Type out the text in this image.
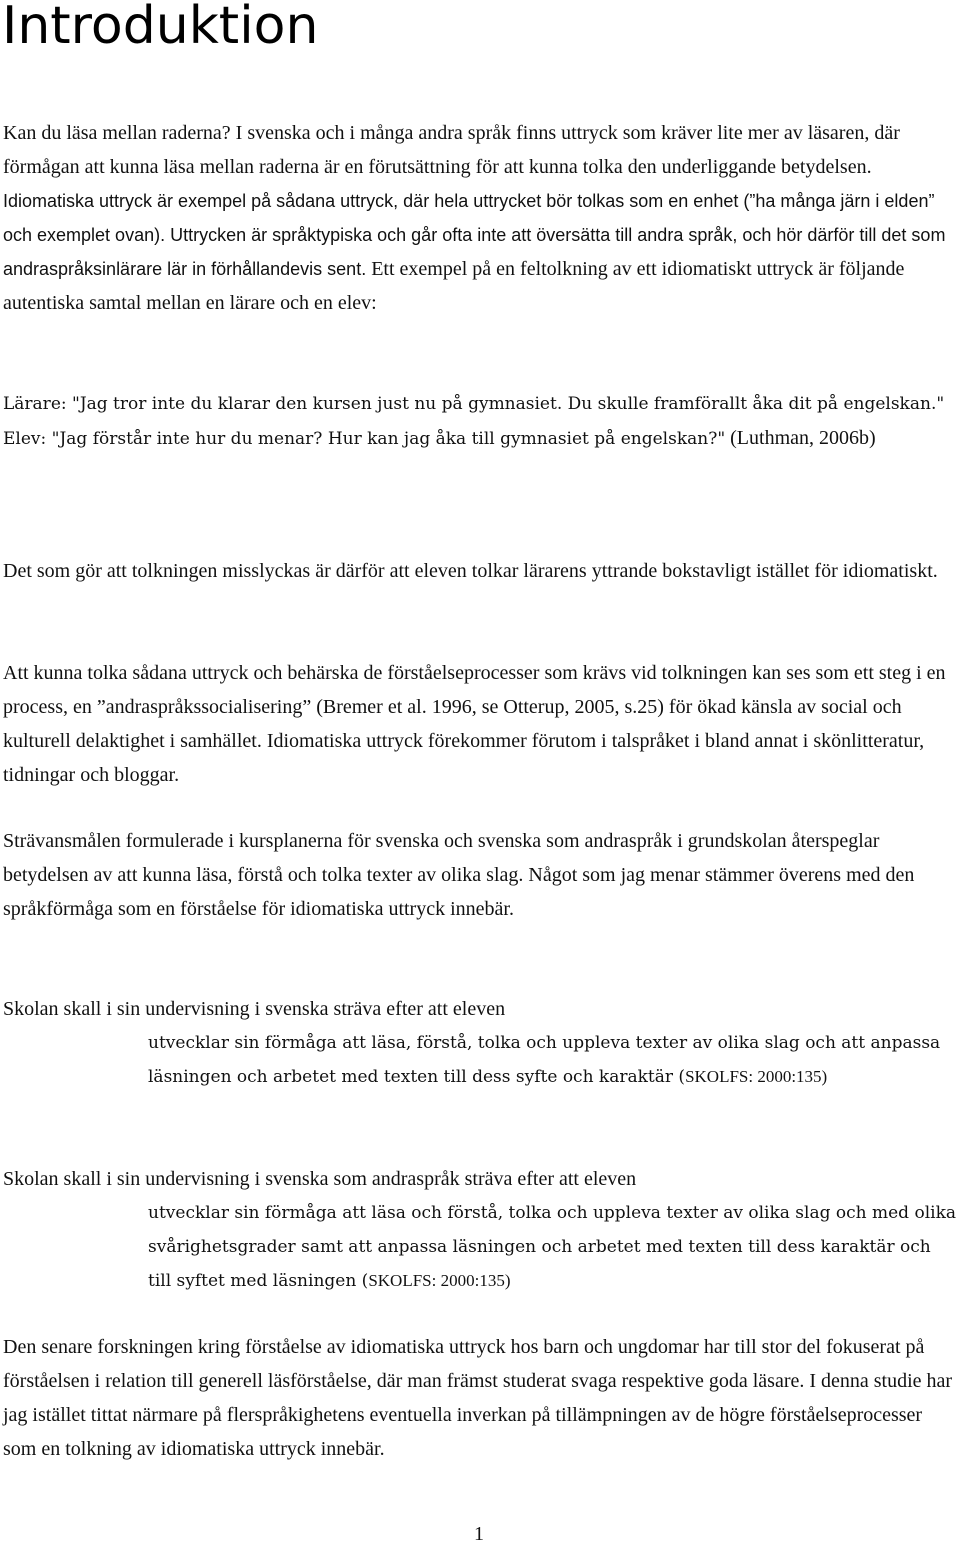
Introduktion

Kan du läsa mellan raderna? I svenska och i många andra språk finns uttryck som kräver lite mer av läsaren, där förmågan att kunna läsa mellan raderna är en förutsättning för att kunna tolka den underliggande betydelsen. Idiomatiska uttryck är exempel på sådana uttryck, där hela uttrycket bör tolkas som en enhet (”ha många järn i elden” och exemplet ovan). Uttrycken är språktypiska och går ofta inte att översätta till andra språk, och hör därför till det som andraspråksinlärare lär in förhållandevis sent. Ett exempel på en feltolkning av ett idiomatiskt uttryck är följande autentiska samtal mellan en lärare och en elev:

Lärare: "Jag tror inte du klarar den kursen just nu på gymnasiet. Du skulle framförallt åka dit på engelskan."
Elev: "Jag förstår inte hur du menar? Hur kan jag åka till gymnasiet på engelskan?" (Luthman, 2006b)

Det som gör att tolkningen misslyckas är därför att eleven tolkar lärarens yttrande bokstavligt istället för idiomatiskt.

Att kunna tolka sådana uttryck och behärska de förståelseprocesser som krävs vid tolkningen kan ses som ett steg i en process, en ”andraspråkssocialisering” (Bremer et al. 1996, se Otterup, 2005, s.25) för ökad känsla av social och kulturell delaktighet i samhället. Idiomatiska uttryck förekommer förutom i talspråket i bland annat i skönlitteratur, tidningar och bloggar.

Strävansmålen formulerade i kursplanerna för svenska och svenska som andraspråk i grundskolan återspeglar betydelsen av att kunna läsa, förstå och tolka texter av olika slag. Något som jag menar stämmer överens med den språkförmåga som en förståelse för idiomatiska uttryck innebär.

Skolan skall i sin undervisning i svenska sträva efter att eleven

utvecklar sin förmåga att läsa, förstå, tolka och uppleva texter av olika slag och att anpassa läsningen och arbetet med texten till dess syfte och karaktär (SKOLFS: 2000:135)

Skolan skall i sin undervisning i svenska som andraspråk sträva efter att eleven

utvecklar sin förmåga att läsa och förstå, tolka och uppleva texter av olika slag och med olika svårighetsgrader samt att anpassa läsningen och arbetet med texten till dess karaktär och till syftet med läsningen (SKOLFS: 2000:135)

Den senare forskningen kring förståelse av idiomatiska uttryck hos barn och ungdomar har till stor del fokuserat på förståelsen i relation till generell läsförståelse, där man främst studerat svaga respektive goda läsare. I denna studie har jag istället tittat närmare på flerspråkighetens eventuella inverkan på tillämpningen av de högre förståelseprocesser som en tolkning av idiomatiska uttryck innebär.

1
